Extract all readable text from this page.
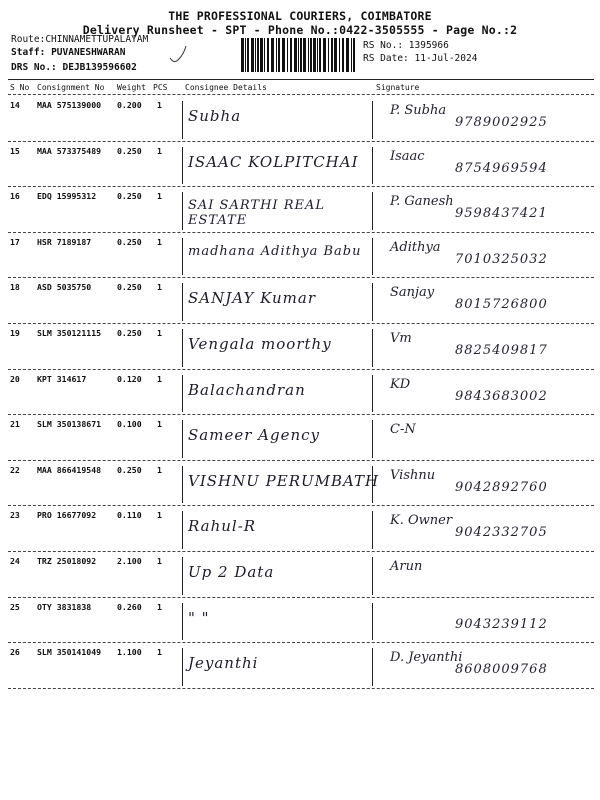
THE PROFESSIONAL COURIERS, COIMBATORE
Delivery Runsheet - SPT - Phone No.:0422-3505555 - Page No.:2
Route:CHINNAMETTUPALAYAM
Staff: PUVANESHWARAN
DRS No.: DEJB139596602
RS No.: 1395966
RS Date: 11-Jul-2024
S No Consignment No Weight PCS Consignee Details	Signature
14 MAA 575139000 0.200 1
Subha	P. Subha
9789002925
15 MAA 573375489 0.250 1
ISAAC KOLPITCHAI Isaac
8754969594
16 EDQ 15995312	0.250 1
SAI SARTHI REAL ESTATE
P. Ganesh
9598437421
17 HSR 7189187	0.250 1
madhana Adithya Babu	Adithya
7010325032
18 ASD 5035750	0.250 1
SANJAY Kumar	Sanjay
8015726800
19 SLM 350121115 0.250 1
Vengala moorthy	Vm
8825409817
20 KPT 314617	0.120 1
Balachandran	KD
9843683002
21 SLM 350138671 0.100 1
Sameer Agency	C-N
22 MAA 866419548 0.250 1
VISHNU PERUMBATH Vishnu
9042892760
23 PRO 16677092	0.110 1
Rahul-R	K. Owner
9042332705
24 TRZ 25018092	2.100 1
Up 2 Data	Arun
25 OTY 3831838	0.260 1
" "	9043239112
26 SLM 350141049 1.100 1
Jeyanthi	D. Jeyanthi
8608009768
